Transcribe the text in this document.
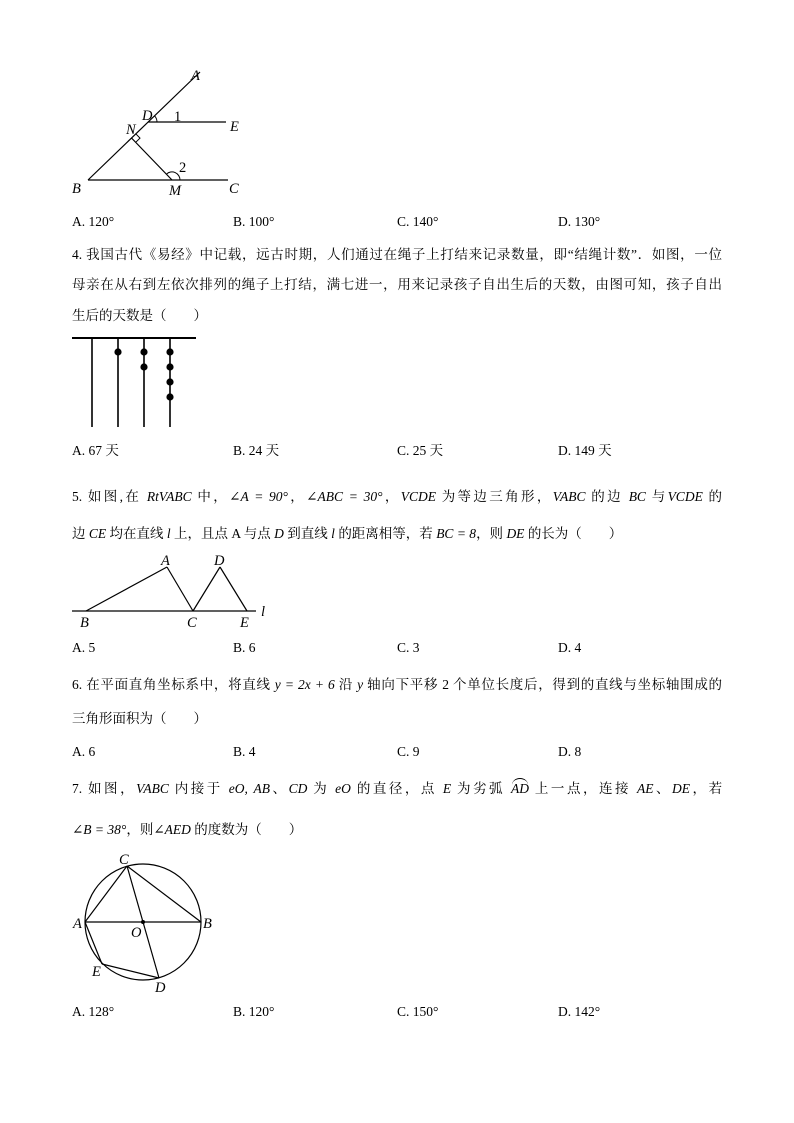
A
D 1
E
N
2
B	M	C
A. 120°	B. 100°	C. 140°	D. 130°
4. 我国古代《易经》中记载，远古时期，人们通过在绳子上打结来记录数量，即“结绳计数”．如图，一位
母亲在从右到左依次排列的绳子上打结，满七进一，用来记录孩子自出生后的天数，由图可知，孩子自出
生后的天数是（　　）
A. 67 天	B. 24 天	C. 25 天	D. 149 天
5. 如图,在 RtVABC 中，∠A = 90°，∠ABC = 30°，VCDE 为等边三角形，VABC 的边 BC 与VCDE 的
边 CE 均在直线 l 上，且点 A 与点 D 到直线 l 的距离相等，若 BC = 8，则 DE 的长为（　　）
A	D
B	C	E
l
A. 5	B. 6	C. 3	D. 4
6. 在平面直角坐标系中，将直线 y = 2x + 6 沿 y 轴向下平移 2 个单位长度后，得到的直线与坐标轴围成的
三角形面积为（　　）
A. 6	B. 4	C. 9	D. 8
7. 如图，VABC 内接于 eO, AB、CD 为 eO 的直径，点 E 为劣弧 AD 上一点，连接 AE、DE，若
∠B = 38°，则∠AED 的度数为（　　）
C
A	B
O
E
D
A. 128°	B. 120°	C. 150°	D. 142°
